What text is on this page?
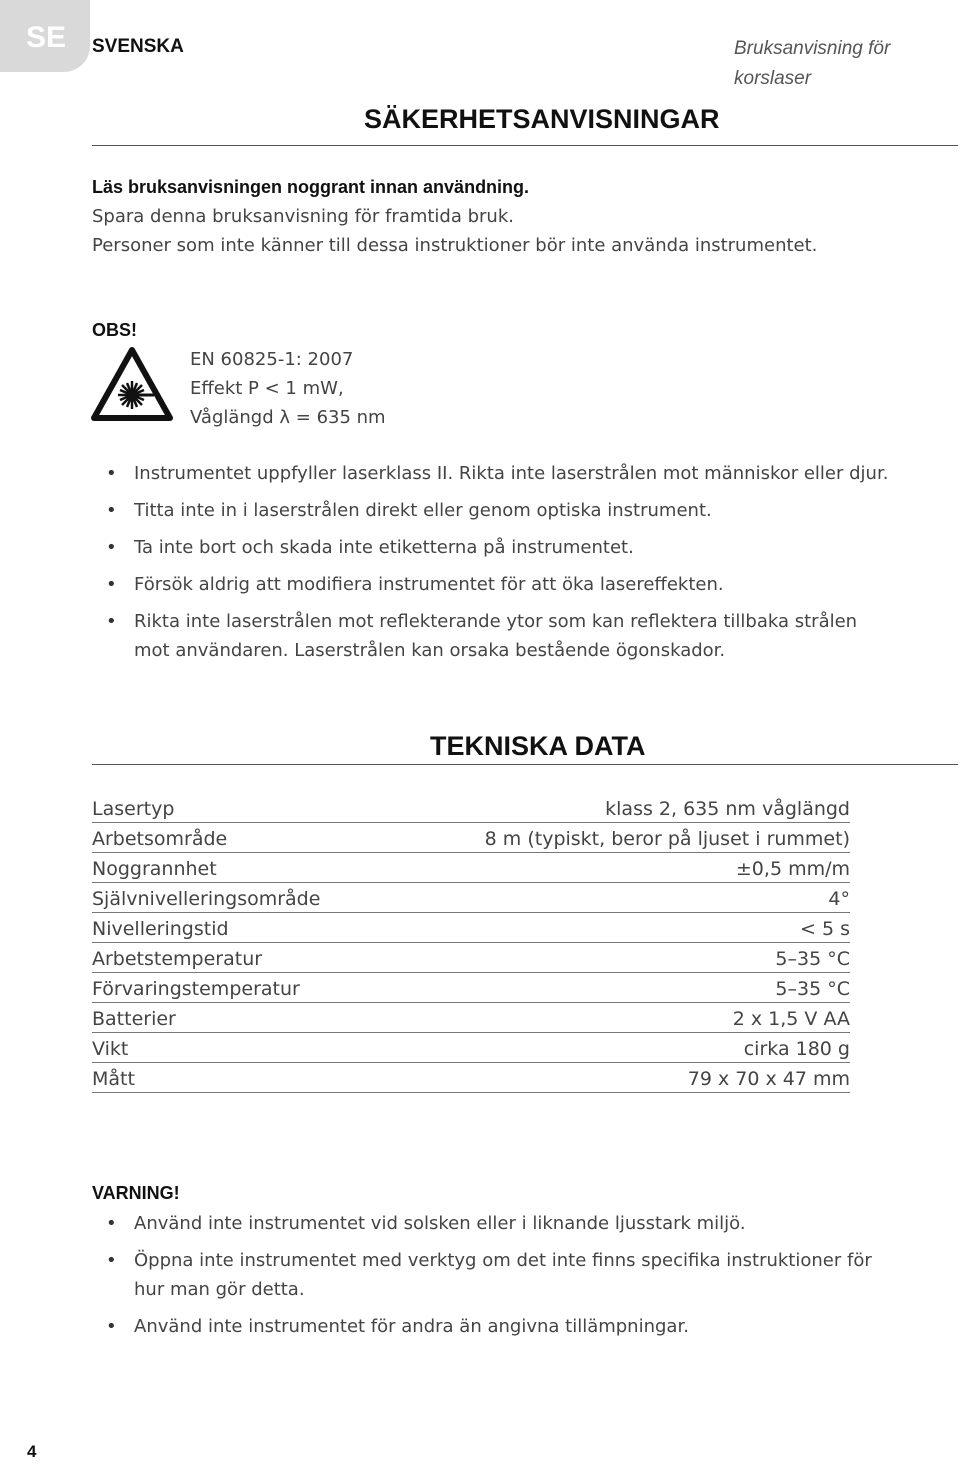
SE	SVENSKA	Bruksanvisning för korslaser
SÄKERHETSANVISNINGAR
Läs bruksanvisningen noggrant innan användning.
Spara denna bruksanvisning för framtida bruk.
Personer som inte känner till dessa instruktioner bör inte använda instrumentet.
OBS!
EN 60825-1: 2007
Effekt P < 1 mW,
Våglängd λ = 635 nm
• Instrumentet uppfyller laserklass II. Rikta inte laserstrålen mot människor eller djur.
• Titta inte in i laserstrålen direkt eller genom optiska instrument.
• Ta inte bort och skada inte etiketterna på instrumentet.
• Försök aldrig att modifiera instrumentet för att öka lasereffekten.
• Rikta inte laserstrålen mot reflekterande ytor som kan reflektera tillbaka strålen mot användaren. Laserstrålen kan orsaka bestående ögonskador.
TEKNISKA DATA
Lasertyp	klass 2, 635 nm våglängd
Arbetsområde	8 m (typiskt, beror på ljuset i rummet)
Noggrannhet	±0,5 mm/m
Självnivelleringsområde	4°
Nivelleringstid	< 5 s
Arbetstemperatur	5–35 °C
Förvaringstemperatur	5–35 °C
Batterier	2 x 1,5 V AA
Vikt	cirka 180 g
Mått	79 x 70 x 47 mm
VARNING!
• Använd inte instrumentet vid solsken eller i liknande ljusstark miljö.
• Öppna inte instrumentet med verktyg om det inte finns specifika instruktioner för hur man gör detta.
• Använd inte instrumentet för andra än angivna tillämpningar.
4
